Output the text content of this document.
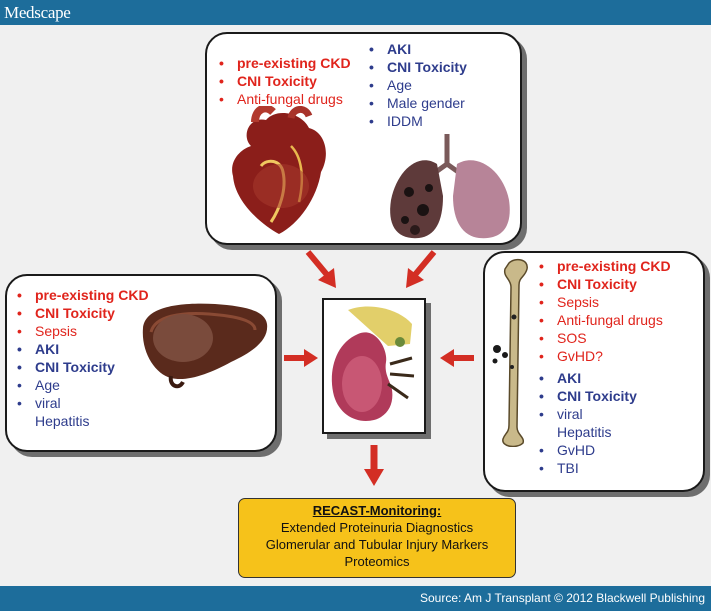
Medscape
• pre-existing CKD
• CNI Toxicity
• Anti-fungal drugs
• AKI
• CNI Toxicity
• Age
• Male gender
• IDDM
• pre-existing CKD
• CNI Toxicity
• Sepsis
• AKI
• CNI Toxicity
• Age
• viral
Hepatitis
• pre-existing CKD
• CNI Toxicity
• Sepsis
• Anti-fungal drugs
• SOS
• GvHD?
• AKI
• CNI Toxicity
• viral
Hepatitis
• GvHD
• TBI
RECAST-Monitoring:
Extended Proteinuria Diagnostics
Glomerular and Tubular Injury Markers
Proteomics
Source: Am J Transplant © 2012 Blackwell Publishing
